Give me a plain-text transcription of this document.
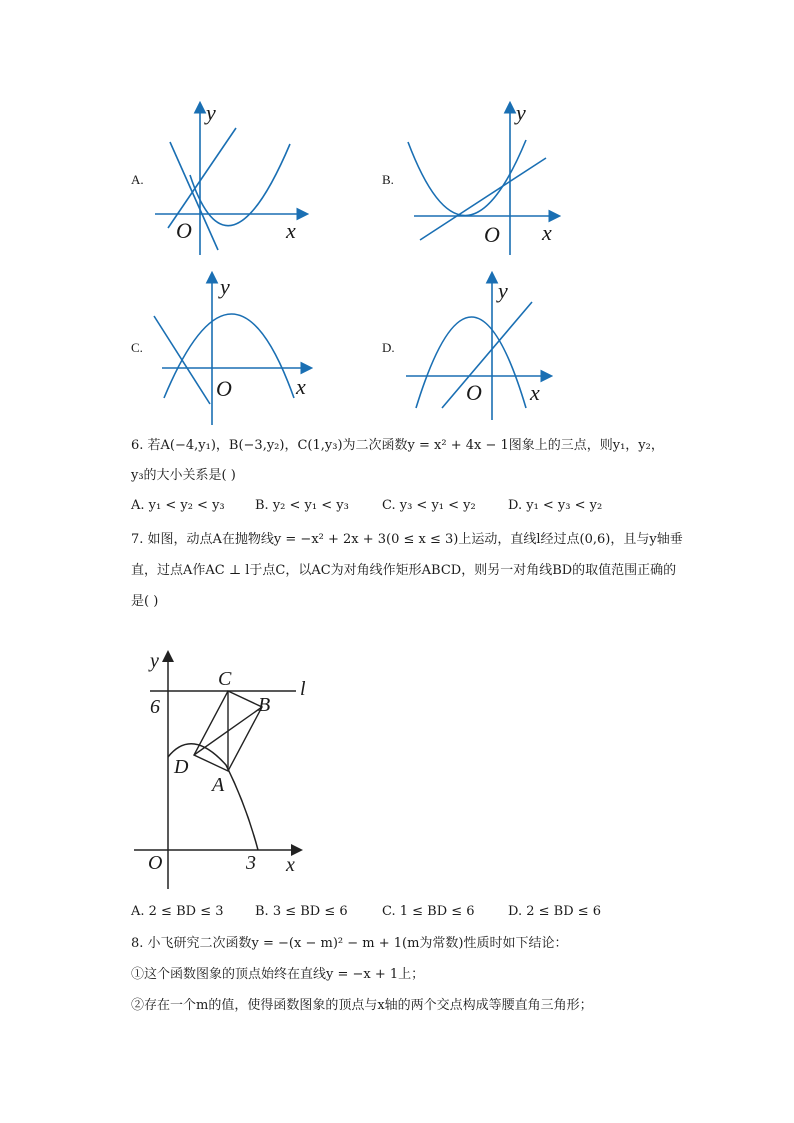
A.
y
x
O
B.
y
x
O
C.
y
x
O
D.
y
x
O
6. 若A(−4,y₁)，B(−3,y₂)，C(1,y₃)为二次函数y = x² + 4x − 1图象上的三点，则y₁，y₂，
y₃的大小关系是( )
A. y₁ < y₂ < y₃ B. y₂ < y₁ < y₃	C. y₃ < y₁ < y₂ D. y₁ < y₃ < y₂
7. 如图，动点A在抛物线y = −x² + 2x + 3(0 ≤ x ≤ 3)上运动，直线l经过点(0,6)，且与y轴垂
直，过点A作AC ⊥ l于点C，以AC为对角线作矩形ABCD，则另一对角线BD的取值范围正确的
是( )
y
x
O
6
3
l
C
B
D
A
A. 2 ≤ BD ≤ 3 B. 3 ≤ BD ≤ 6	C. 1 ≤ BD ≤ 6	D. 2 ≤ BD ≤ 6
8. 小飞研究二次函数y = −(x − m)² − m + 1(m为常数)性质时如下结论：
①这个函数图象的顶点始终在直线y = −x + 1上；
②存在一个m的值，使得函数图象的顶点与x轴的两个交点构成等腰直角三角形；
